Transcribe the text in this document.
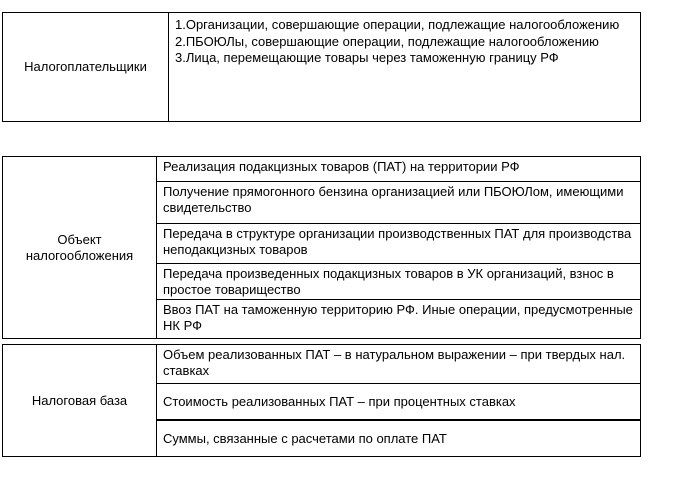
Налогоплательщики
1.Организации, совершающие операции, подлежащие налогообложению
2.ПБОЮЛы, совершающие операции, подлежащие налогообложению
3.Лица, перемещающие товары через таможенную границу РФ
Объект налогообложения
Реализация подакцизных товаров (ПАТ) на территории РФ
Получение прямогонного бензина организацией или ПБОЮЛом, имеющими свидетельство
Передача в структуре организации производственных ПАТ для производства неподакцизных товаров
Передача произведенных подакцизных товаров в УК организаций, взнос в простое товарищество
Ввоз ПАТ на таможенную территорию РФ. Иные операции, предусмотренные НК РФ
Налоговая база
Объем реализованных ПАТ – в натуральном выражении – при твердых нал. ставках
Стоимость реализованных ПАТ – при процентных ставках
Суммы, связанные с расчетами по оплате ПАТ
